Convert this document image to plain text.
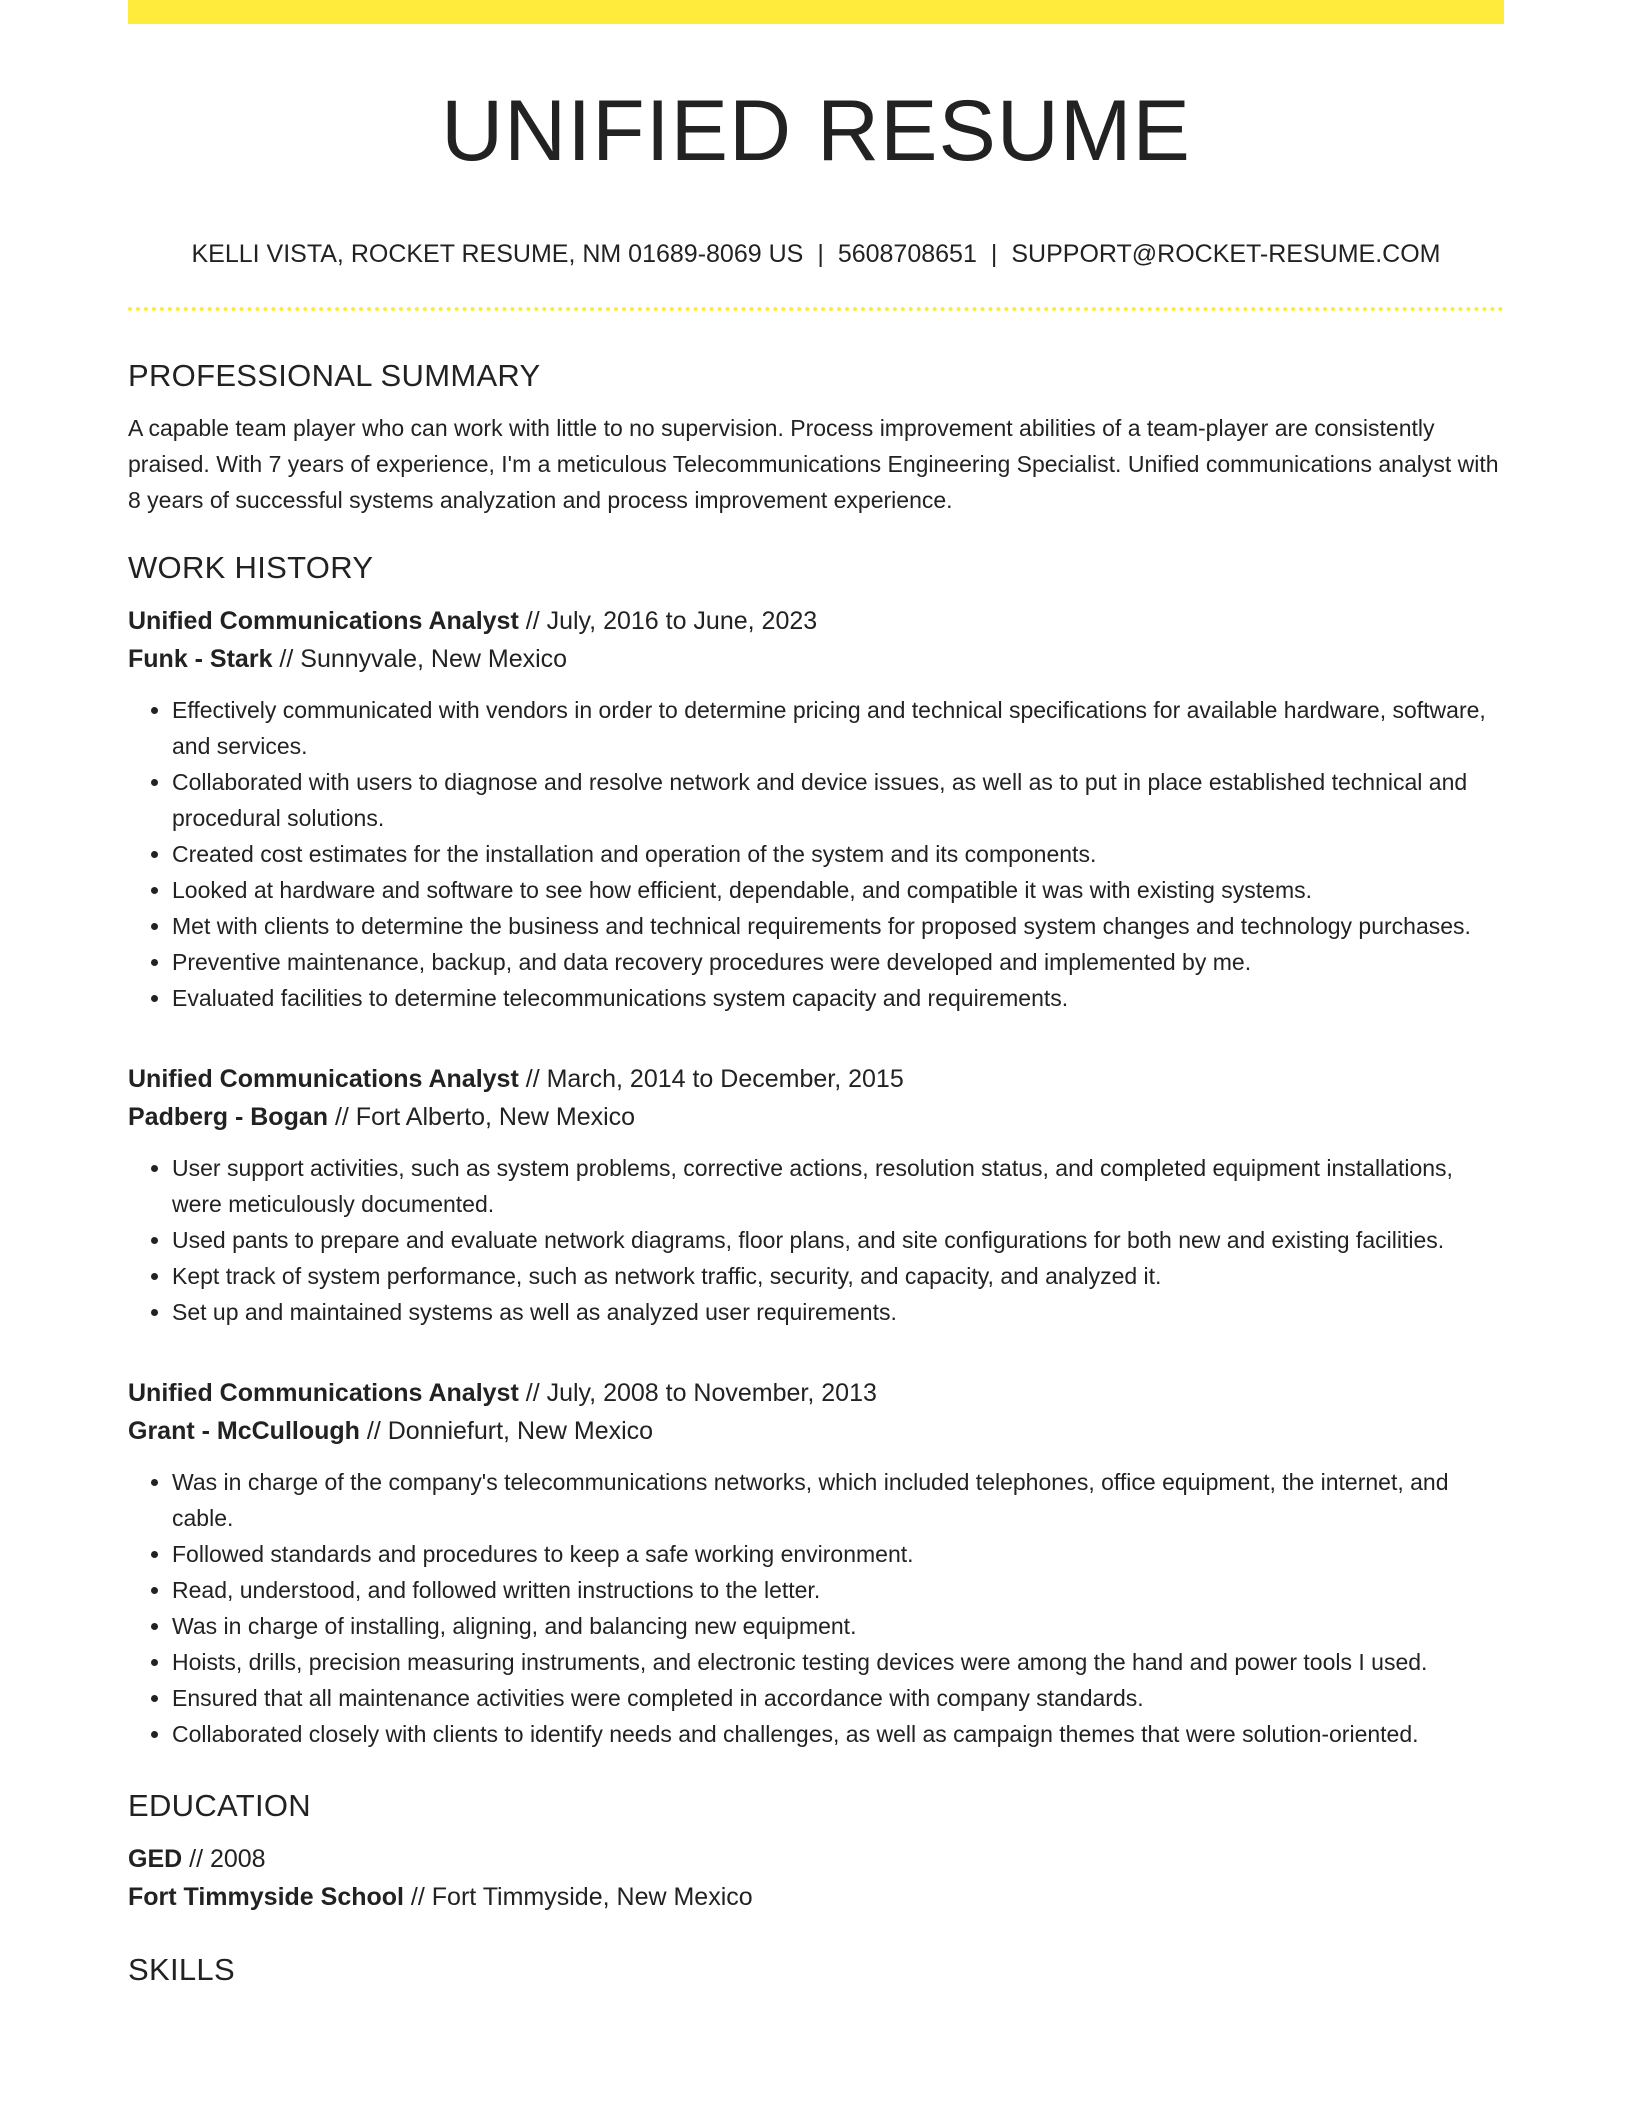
UNIFIED RESUME
KELLI VISTA, ROCKET RESUME, NM 01689-8069 US | 5608708651 | SUPPORT@ROCKET-RESUME.COM
PROFESSIONAL SUMMARY

A capable team player who can work with little to no supervision. Process improvement abilities of a team-player are consistently praised. With 7 years of experience, I'm a meticulous Telecommunications Engineering Specialist. Unified communications analyst with 8 years of successful systems analyzation and process improvement experience.

WORK HISTORY
Unified Communications Analyst // July, 2016 to June, 2023
Funk - Stark // Sunnyvale, New Mexico
• Effectively communicated with vendors in order to determine pricing and technical specifications for available hardware, software, and services.
• Collaborated with users to diagnose and resolve network and device issues, as well as to put in place established technical and procedural solutions.
• Created cost estimates for the installation and operation of the system and its components.
• Looked at hardware and software to see how efficient, dependable, and compatible it was with existing systems.
• Met with clients to determine the business and technical requirements for proposed system changes and technology purchases.
• Preventive maintenance, backup, and data recovery procedures were developed and implemented by me.
• Evaluated facilities to determine telecommunications system capacity and requirements.
Unified Communications Analyst // March, 2014 to December, 2015
Padberg - Bogan // Fort Alberto, New Mexico
• User support activities, such as system problems, corrective actions, resolution status, and completed equipment installations, were meticulously documented.
• Used pants to prepare and evaluate network diagrams, floor plans, and site configurations for both new and existing facilities.
• Kept track of system performance, such as network traffic, security, and capacity, and analyzed it.
• Set up and maintained systems as well as analyzed user requirements.
Unified Communications Analyst // July, 2008 to November, 2013
Grant - McCullough // Donniefurt, New Mexico
• Was in charge of the company's telecommunications networks, which included telephones, office equipment, the internet, and cable.
• Followed standards and procedures to keep a safe working environment.
• Read, understood, and followed written instructions to the letter.
• Was in charge of installing, aligning, and balancing new equipment.
• Hoists, drills, precision measuring instruments, and electronic testing devices were among the hand and power tools I used.
• Ensured that all maintenance activities were completed in accordance with company standards.
• Collaborated closely with clients to identify needs and challenges, as well as campaign themes that were solution-oriented.
EDUCATION
GED // 2008
Fort Timmyside School // Fort Timmyside, New Mexico
SKILLS
